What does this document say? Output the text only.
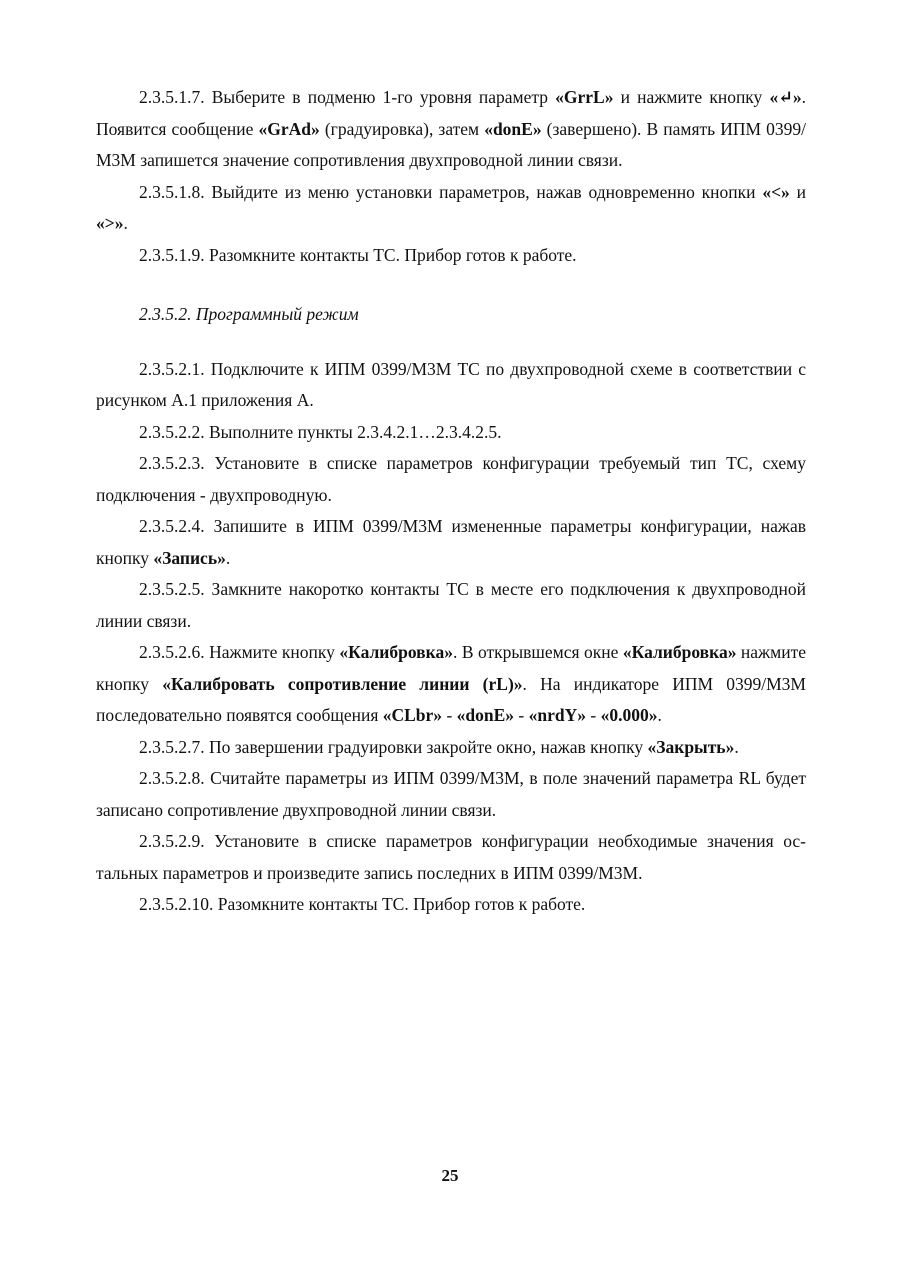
2.3.5.1.7. Выберите в подменю 1-го уровня параметр «GrrL» и нажмите кнопку «↵». Появится сообщение «GrAd» (градуировка), затем «donE» (завершено). В память ИПМ 0399/М3М запишется значение сопротивления двухпроводной линии связи.

2.3.5.1.8. Выйдите из меню установки параметров, нажав одновременно кнопки «<» и «>».

2.3.5.1.9. Разомкните контакты ТС. Прибор готов к работе.

2.3.5.2. Программный режим

2.3.5.2.1. Подключите к ИПМ 0399/М3М ТС по двухпроводной схеме в соответствии с рисунком А.1 приложения А.

2.3.5.2.2. Выполните пункты 2.3.4.2.1…2.3.4.2.5.

2.3.5.2.3. Установите в списке параметров конфигурации требуемый тип ТС, схему подключения - двухпроводную.

2.3.5.2.4. Запишите в ИПМ 0399/М3М измененные параметры конфигурации, нажав кнопку «Запись».

2.3.5.2.5. Замкните накоротко контакты ТС в месте его подключения к двухпроводной линии связи.

2.3.5.2.6. Нажмите кнопку «Калибровка». В открывшемся окне «Калибровка» нажмите кнопку «Калибровать сопротивление линии (rL)». На индикаторе ИПМ 0399/М3М последовательно появятся сообщения «CLbr» - «donE» - «nrdY» - «0.000».

2.3.5.2.7. По завершении градуировки закройте окно, нажав кнопку «Закрыть».

2.3.5.2.8. Считайте параметры из ИПМ 0399/М3М, в поле значений параметра RL будет записано сопротивление двухпроводной линии связи.

2.3.5.2.9. Установите в списке параметров конфигурации необходимые значения остальных параметров и произведите запись последних в ИПМ 0399/М3М.

2.3.5.2.10. Разомкните контакты ТС. Прибор готов к работе.

25
